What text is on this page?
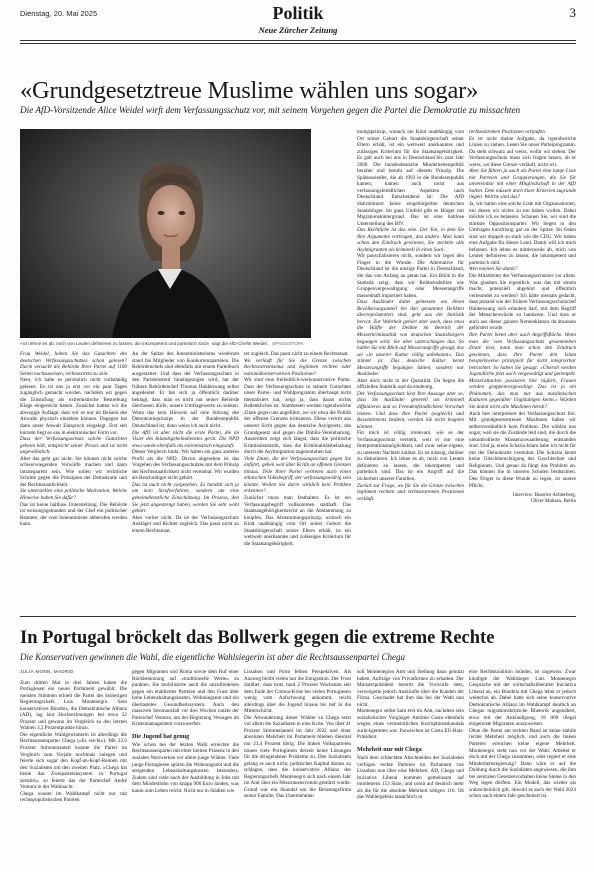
Dienstag, 20. Mai 2025	Politik
Neue Zürcher Zeitung
3
«Grundgesetztreue Muslime wählen uns sogar»
Die AfD-Vorsitzende Alice Weidel wirft dem Verfassungsschutz vor, mit seinem Vorgehen gegen die Partei die Demokratie zu missachten
«Ich lehne es ab, mich von Leuten definieren zu lassen, die inkompetent und parteiisch sind», sagt die AfD-Chefin Weidel. SPASS/STOPA

Frau Weidel, haben Sie das Gutachten des deutschen Verfassungsschutzes schon gelesen? Darin versucht die Behörde Ihrer Partei auf 1100 Seiten nachzuweisen, rechtsextrem zu sein.

Nein, ich habe es persönlich nicht vollständig gelesen. Es ist uns ja erst vor ein paar Tagen zugänglich gemacht worden, nachdem wir gegen die Einstufung als extremistische Bestrebung Klage eingereicht hatten. Zunächst hatten wir die abwegige Auflage, dass wir es nur im Beisein des Anwalts physisch einsehen können. Dagegen hat dann unser Anwalt Einspruch eingelegt. Erst seit kurzem liegt es uns in elektronischer Form vor.

Dass der Verfassungsschutz solche Gutachten geheim hält, entspricht seiner Praxis und ist nicht ungewöhnlich.

Aber das geht gar nicht. Sie können nicht solche schwerwiegenden Vorwürfe machen und dann intransparent sein. Wie sollen wir rechtliche Schritte gegen die Prinzipien der Demokratie und der Rechtsstaatlichkeit.

Sie unterstellen eine politische Motivation. Welche Hinweise haben Sie dafür?

Das ist keine haltlose Unterstellung. Die Behörde ist weisungsgebunden und der Chef ein politischer Beamter, der vom Innenminister abberufen werden kann.

An der Spitze des Innenministeriums wiederum stand bis Mitglieder von Konkurrenzparteien. Die Behördenchefs sind ebenfalls mit einem Parteibuch ausgestattet. Und dass der Verfassungsschutz in den Parteienstreit hineingezogen wird, hat der frühere Behördenchef Thomas Haldenwang selbst angedeutet. Er hat sich ja öffentlich darüber beklagt, dass man es nicht nur seiner Behörde überlassen dürfe, unsere Umfragewerte zu senken. Wenn das kein Hinweis auf eine Störung des Demokratieprinzips in der Bundesrepublik Deutschland ist, dann weiss ich auch nicht.

Die AfD ist aber nicht die erste Partei, die im Visier des Inlandsgeheimdienstes gerät. Die NPD etwa wurde ebenfalls als extremistisch eingestuft.

Dieser Vergleich hinkt. Wir haben ein ganz anderes Profil als die NPD. Davon abgesehen ist das Vorgehen des Verfassungsschutzes mit dem Prinzip der Rechtsstaatlichkeit nicht vereinbar. Wir wurden als Beschuldigte nicht gehört.

Das ist auch nicht vorgesehen. Es handelt sich ja um kein Strafverfahren, sondern um eine geheimdienstliche Einschätzung. Im Prozess, den Sie jetzt angestrengt haben, werden Sie sehr wohl gehört.

Aber vorher nicht. Da ist der Verfassungsschutz Ankläger und Richter zugleich. Das passt nicht zu einem Rechtsstaat.

ter zugleich. Das passt nicht zu einem Rechtsstaat.

Wo verläuft für Sie die Grenze zwischen Rechtsextremismus und legitimen rechten oder nationalkonservativen Positionen?

Wir sind eine freiheitlich-werkonservative Partei. Dass der Verfassungsschutz in seinem Gutachten unser Partei- und Wahlprogramm überhaupt nicht thematisiert hat, zeigt ja, dass daran nichts Bedenkliches ist. Stattdessen werden irgendwelche Zitate gegen uns angeführt, wo wir etwa die Politik der offenen Grenzen kritisieren. Diese vertritt aus unserer Sicht gegen das deutsche Asylgesetz, das Grundgesetz und gegen die Dublin-Vereinbarung. Ausserdem zeigt sich längst, dass die politische Kriminalstatistik, dass die Kriminalitätsbelastung durch die Asylmigration zugenommen hat.

Viele Zitate, die der Verfassungsschutz gegen Sie anführt, gehen weit über Kritik an offenen Grenzen hinaus. Teile Ihrer Partei vertreten auch einen ethnischen Volksbegriff, der verfassungswidrig sein könnte. Wollen Sie darin wirklich kein Problem erkennen?

Zunächst muss man festhalten: Es ist ein Verfassungsbegriff vollkommen statthaft. Das Staatsangehörigkeitsrecht an die Abstammung zu knüpfen. Das Abstammungsprinzip, wonach ein Kind unabhängig vom Ort seiner Geburt die Staatsbürgerschaft seiner Eltern erhält, ist ein weltweit anerkanntes und zulässiges Kriterium für die Staatsangehörigkeit.

mungsprinzip, wonach ein Kind unabhängig vom Ort seiner Geburt die Staatsbürgerschaft seiner Eltern erhält, ist ein weltweit anerkanntes und zulässiges Kriterium für die Staatsangehörigkeit. Es galt auch bei uns in Deutschland bis zum Jahr 2000. Die bundesdeutsche Minderheitenpolitik beruhte und beruht auf diesem Prinzip. Die Spätaussiedler, die ab 1993 in die Bundesrepublik kamen, kamen auch nicht aus verfassungsfeindlichen Aspekten nach Deutschland. Entscheidend ist: Die AfD diskriminiert keine eingebürgerten deutschen Staatsbürger. Im ganz Umfeld gibt es Bürger mit Migrationshintergrund. Das ist eine haltlose Unterstellung des BfV.

Das Rechtliche ist das eine. Der Ton, in dem Sie Ihre Argumente vortragen, das andere. Man kann schon den Eindruck gewinnen, Sie steckten alle Asylmigranten als kriminell in einen Sack.

Wir pauschalisieren nicht, sondern wir legen den Finger in die Wunde. Die Alternative für Deutschland ist die einzige Partei in Deutschland, die das von Anfang an getan hat. Ein Blick in die Statistik zeigt, dass wir Rohheitsdelikte wie Gruppenvergewaltigung oder Messerangriffe massenhaft importiert haben.

Dass Ausländer dabei gemessen am ihrem Bevölkerungsanteil bei den genannten Delikten überrepräsentiert sind, geht aus der Statistik hervor. Zur Wahrheit gehört aber auch, dass etwa die Hälfte der Delikte im Bereich der Messerkriminalität von deutschen Staatsbürgern begangen wird. Sie aber unterschlagen das. So haben Sie mit Blick auf Messerangriffe gesagt, das sei »in unserer Kultur völlig unbekannt«. Das stimmt ja: Das deutsche Kultur kennt Messerangriffe begangen hätten, sondern nur Ausländer.

Aber doch nicht in der Quantität. Da liegen die offiziellen Statistik und da eindeutig.

Der Verfassungsschutz liest Ihre Aussage aber so, dass Sie Ausländer generell als kriminell diffamieren und so Fremdenfeindlichkeit Vorschub leisten. Und dass Ihre Partei (sogleich) und Ressentiments bedient, werden Sie nicht leugnen können.

Für mich ist völlig irrelevant, wie es der Verfassungsschutz versteht, weil er nur eine Interpretationsmöglichkeit, und zwar seine eigene, zu unserem Nachteil zulässt. Es ist müssig, darüber zu diskutieren. Ich lehne es ab, mich von Leuten definieren zu lassen, die inkompetent und parteiisch sind. Das ist ein Angriff auf die Sicherheit unserer Familien.

Zurück zur Frage, wo für Sie die Grenze zwischen legitimen rechten und rechtsextremen Positionen verläuft.

rechtsextremen Positionen verlaufen.

Es ist nicht meine Aufgabe, da irgendwelche Linien zu ziehen. Lesen Sie unser Parteiprogramm. Da steht schwarz auf weiss, wofür wir stehen. Der Verfassungsschutz muss sich fragen lassen, ob er weiss, wo diese Grenze verläuft, nicht wir.

Aber Sie führen ja auch als Partei eine lange Liste mit Parteien und Gruppierungen, die Sie für unvereinbar mit einer Mitgliedschaft in der AfD halten. Dem müssen doch klare Kriterien zugrunde liegen. Welche sind das?

Ja, wir haben eine solche Liste mit Organisationen, mit denen wir nichts zu tun haben wollen. Dabei möchte ich es belassen. Schauen Sie, wir sind die stärkste Oppositionspartei. Wir liegen in den Umfragen kurzfristig gar an der Spitze. Im Osten sind wir doppelt so stark wie die CDU. Wir haben eine Aufgabe für dieses Land. Damit will ich mich befassen. Ich lehne es mittlerweile ab, mich von Leuten definieren zu lassen, die inkompetent und parteiisch sind.

Wen meinen Sie damit?

Die Mitarbeiter des Verfassungsschutzes vor allem. Was glauben Sie eigentlich, was das mit einem macht, potenziell abgehört und öffentlich verleumdet zu werden? Ich hätte niemals gedacht, dass jemand wie der frühere Verfassungsschutzchef Haldenwang sich erlauben darf, mit dem Begriff der Menschenwürde zu hantieren. Und dass er auch aus dieser ganzen Nomenklatura da draussen gefördert wurde.

Ihre Partei bietet aber auch Angriffsfläche. Wenn man die vom Verfassungsschutz gesammelten Zitate liest, kann man schon den Eindruck gewinnen, dass Ihre Partei den Islam beispielsweise prinzipiell für nicht integrierbar betrachtet. So haben Sie gesagt: «Überall werden Jugendliche jetzt auch vergewaltigt und gerempelt. Messerattacken passieren hier täglich, Frauen werden gruppenvergewaltigt. Das ist ja ein Phänomen, das man nur aus muslimischen Kulturen gegenüber Ungläubigen kennt.» Würden Sie damit nicht alle Muslimen herab?

Auch hier interpretiert der Verfassungsschutz frei. Mit grundgesetzetreuen Muslimen haben wir selbstverständlich kein Problem. Die wählen uns sogar, weil sie die Zustände leid sind, die durch die unkontrollierte Massenzuwanderung entstanden sind. Und ja, einen Scharia-Islam habe ich nicht für mit der Demokratie vereinbar. Die Scharia kennt keine Gleichberechtigung der Geschlechter und Religionen. Und genau da fängt das Problem an. Das können Sie in unseren Schulen beobachten. Den Finger in diese Wunde zu legen, ist unsere Pflicht.

Interview: Beatrice Achterberg,
Oliver Maksan, Berlin
In Portugal bröckelt das Bollwerk gegen die extreme Rechte
Die Konservativen gewinnen die Wahl, die eigentliche Wahlsiegerin ist aber die Rechtsaussenpartei Chega
JULIA MONN, MADRID

Zum dritten Mal in drei Jahren haben die Portugiesen ein neues Parlament gewählt. Die meisten Stimmen erhielt die Partei des bisherigen Regierungschefs Luís Montenegro. Sein konservatives Bündnis, die Demokratische Allianz (AD), lag laut Hochrechnungen bei etwa 32 Prozent und gewann im Vergleich zu den letzten Wahlen 3,3 Prozentpunkte hinzu.

Die eigentliche Wahlgewinnerin ist allerdings die Rechtsaussenpartei Chega («Es reicht»). Mit 22,6 Prozent Stimmenanteil konnte die Partei im Vergleich zum Vorjahr nochmals zulegen und feierte sich sogar den Kopf-an-Kopf-Rennen mit den Sozialisten um den zweiten Platz. «Chega hat heute das Zweiparteiensystem in Portugal zerstört», so feierte das der Parteichef André Ventura in der Wahlnacht.

Chega wusste im Wahlkampf nicht nur mit rechtspopulistischen Parolen

gegen Migranten und Roma sowie dem Ruf einer Rückbesinnung auf «traditionelle Werte» zu punkten. Sie mobilisierte auch die unzufriedenen gegen ein etabliertes Parteien und den Frust über hohe Lebenshaltungskosten, Wohnungsnot und ein überlastetes Gesundheitssystem. Auch den massiven Stromausfall vor drei Wochen nutzte der Parteichef Ventura, um der Regierung Versagen im Krisenmanagement vorzuwerfen.

Die Jugend hat genug

Wie schon bei der letzten Wahl erreichte die Rechtsaussenpartei mit einer breiten Präsenz in den sozialen Netzwerken vor allem junge Wähler. Viele junge Portugiesen spüren die Wohnungsnot und die steigenden Lebenshaltungskosten besonders. Zudem sind viele nach der Ausbildung in Jobs mit dem Mindestlohn von knapp 900 Euro landen, was kaum zum Leben reicht. Nicht nur in Städten wie

Lissabon und Porto fehlen Perspektiven. Als Ausweg bleibt vielen nur die Emigration. Der Frust darüber, dass trotz rund 2 Prozent Wachstum seit dem Ende der Corona-Krise bei vielen Portugiesen wenig vom Aufschwung ankommt, reicht allerdings über die Jugend hinaus bis tief in die Mittelschicht.

Die Abwanderung dieser Wähler zu Chega setzt vor allem die Sozialisten in eine Krise. Von über 41 Prozent Stimmenanteil im Jahr 2022 und einer absoluten Mehrheit im Parlament blieben diesmal nur 23,4 Prozent übrig. Die linken Volksparteien trauen viele Portugiesen derzeit keine Lösungen für die dringendsten Probleme zu. Den Sozialisten gelang es auch nicht, politisches Kapital daraus zu schlagen, dass die konservative Allianz des Regierungschefs Montenegro sich nach einem Jahr im Amt über ein Misstrauensvotum gestürzt wurde. Grund war ein Skandal um die Beratungsfirma seiner Familie. Das Unternehmen

soll Montenegros Amt und Stellung dazu genutzt haben, Aufträge von Privatfirmen zu erhalten. Der Ministerpräsident bestritt die Vorwürfe stets, verweigerte jedoch Auskünfte über die Kunden der Firma. Geschadet hat ihm das bei der Wahl nun nicht.

Montenegro selbst kam erst im Amt, nachdem sein sozialistischer Vorgänger António Costa ebenfalls wegen eines vermeintlichen Korruptionsskandals zurückgetreten war. Inzwischen ist Costa EU-Rats-Präsident.

Mehrheit nur mit Chega

Nach dem schlechten Abschneiden der Sozialisten verfügen rechte Parteien im Parlament von Lissabon nun über eine Mehrheit. AD, Chega und Iniciativa Liberal kommen gemeinsam auf mindestens 153 Sitze, und somit auf deutlich mehr als die für die absolute Mehrheit nötigen 116. Ob das Wahlergebnis tatsächlich in

eine Rechtskoalition mündet, ist ungewiss. Zwar kündigte der Wahlsieger Luís Montenegro Gespräche mit der wirtschaftsliberalen Iniciativa Liberal an, ein Bündnis mit Chega lehnt er jedoch weiterhin ab. Dabei hatte sich seine konservative Demokratische Allianz im Wahlkampf deutlich an Chegas migrationskritische Rhetorik angenähert, etwa mit der Ankündigung, 18 000 illegal eingereiste Migranten auszuweisen.

Ohne die Partei am rechten Rand ist keine stabile rechte Mehrheit möglich, und auch die linken Parteien erreichen keine eigene Mehrheit. Montenegro steht nun vor der Wahl: Arbeitet er doch mit der Chega zusammen, oder regiert er eine Minderheitsregierung? Dann wäre er auf die Duldung durch die Sozialisten angewiesen, die ihm bei zentralen Gesetzesvorhaben keine Steine in den Weg legen dürften. Ein Modell, das wieder als wahrscheinlich gilt, obwohl es auch der Wahl 2024 schon nach einem Jahr gescheitert ist.
